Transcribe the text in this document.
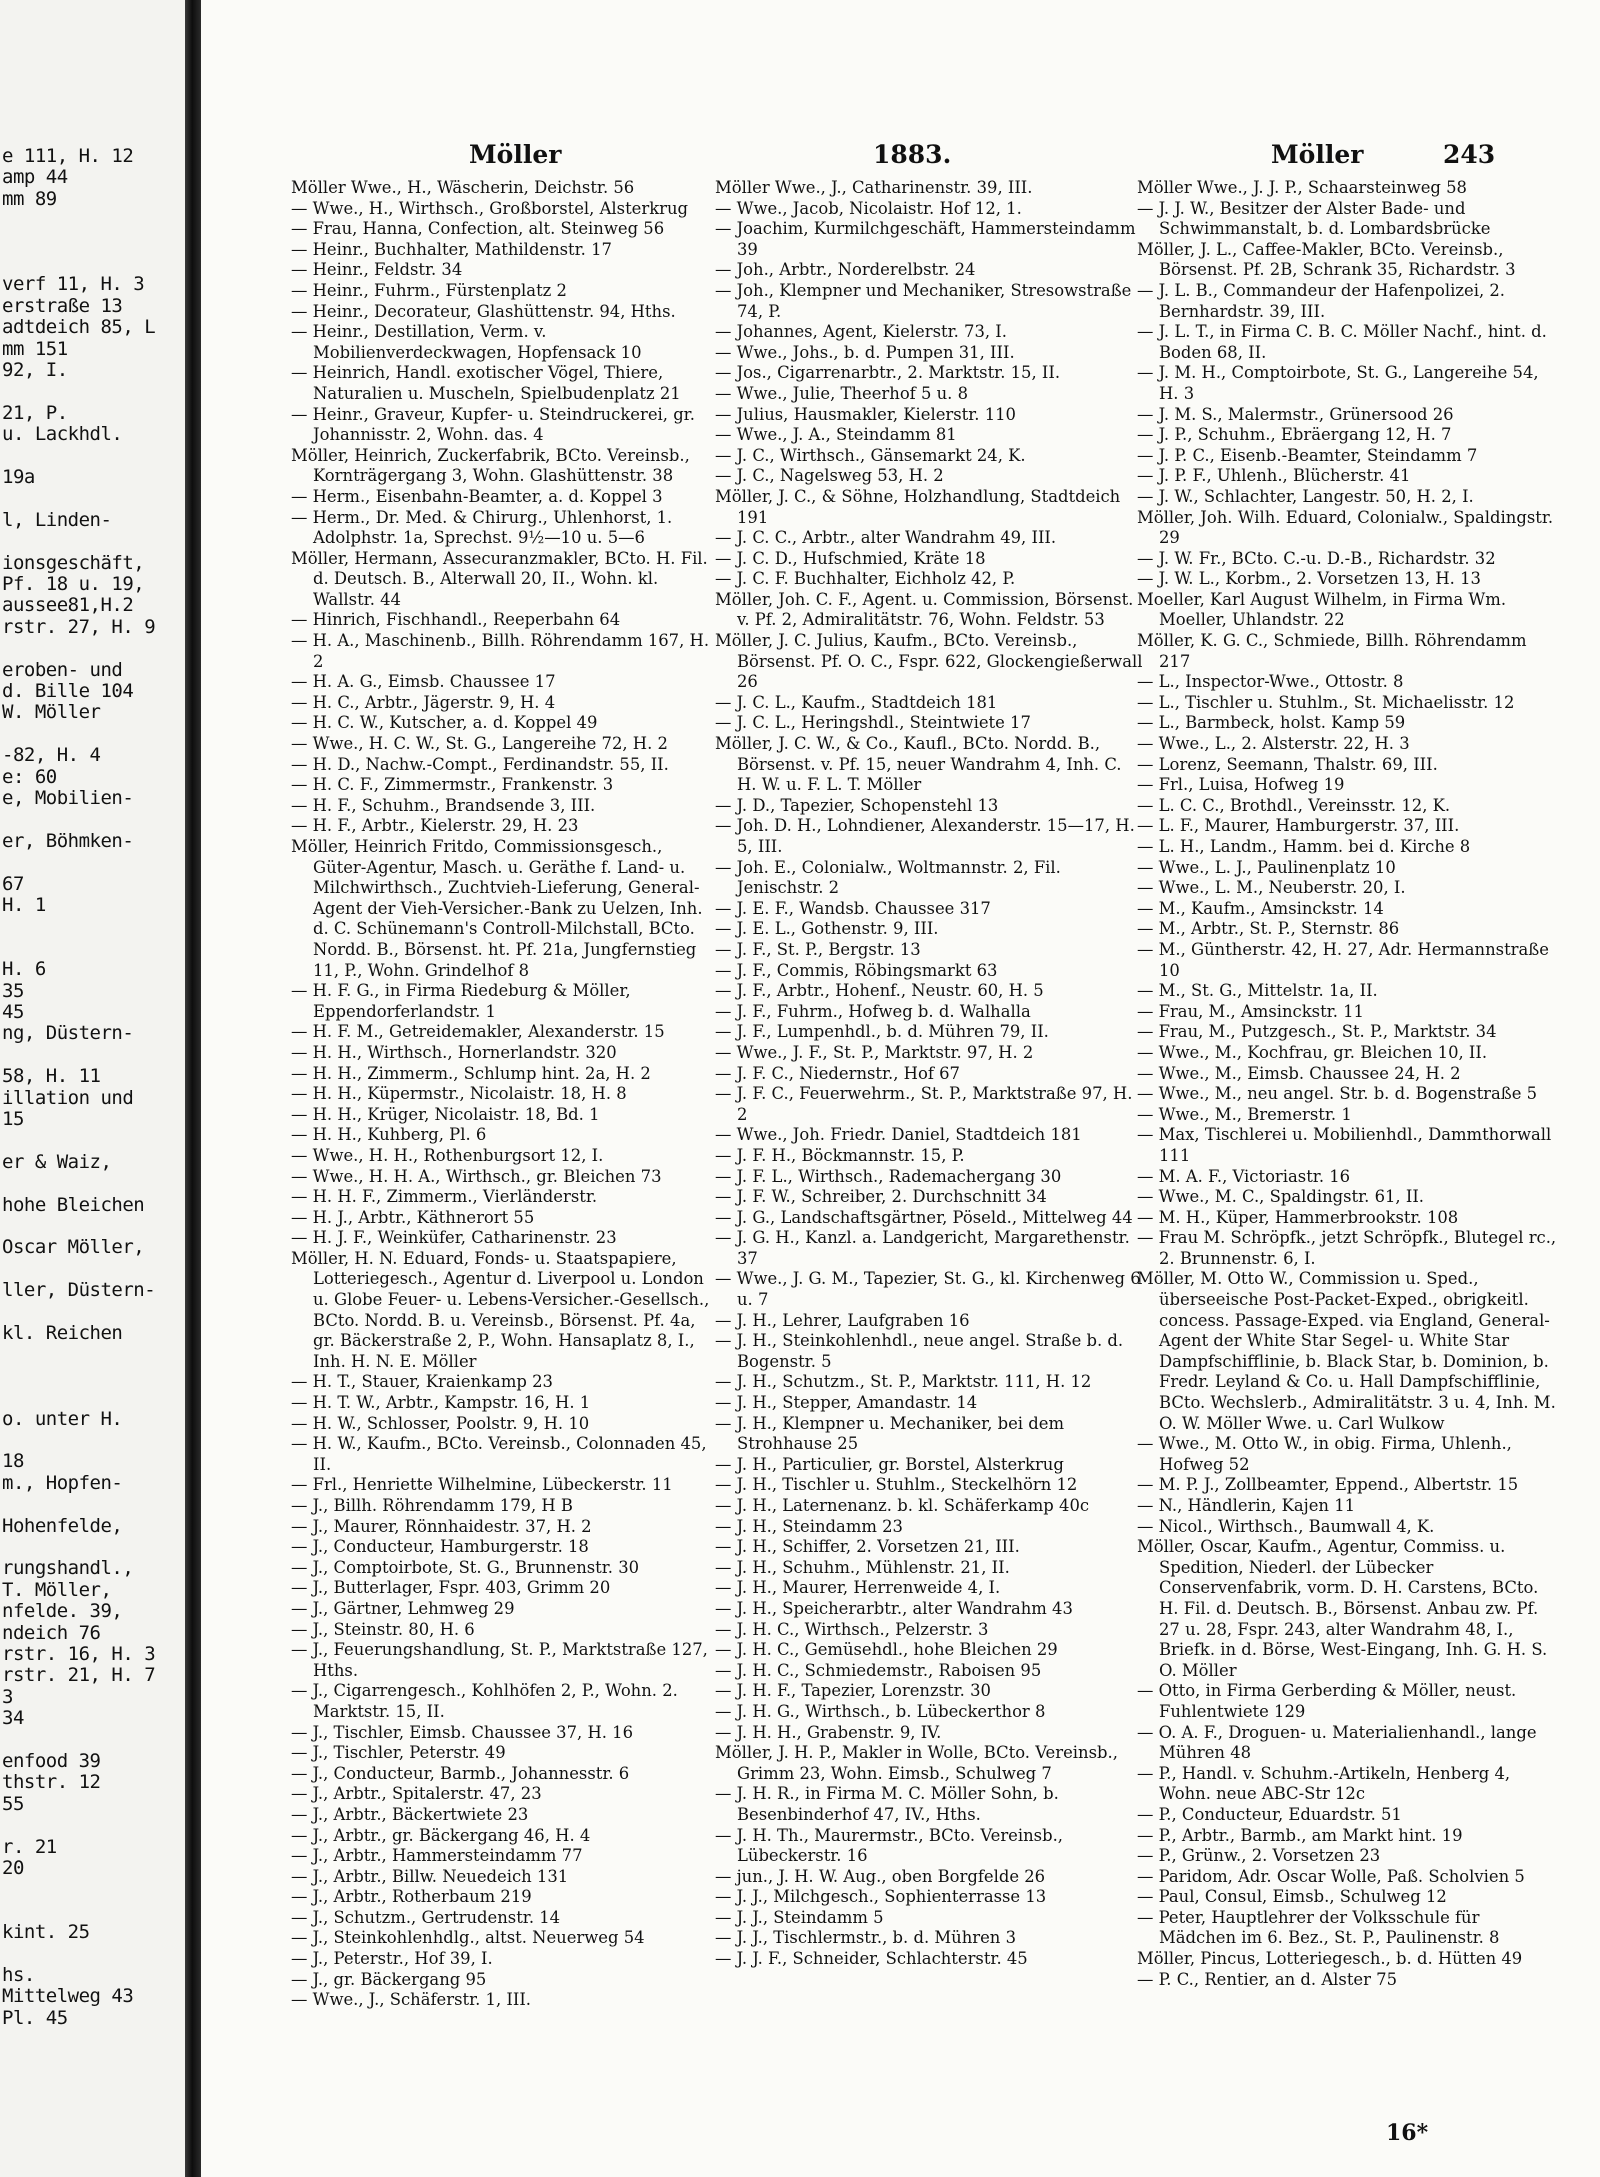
e 111, H. 12
amp 44
mm 89
verf 11, H. 3
erstraße 13
adtdeich 85, L
mm 151
92, I.
21, P.
u. Lackhdl.
19a
l, Linden-
ionsgeschäft,
Pf. 18 u. 19,
aussee81,H.2
rstr. 27, H. 9
eroben- und
d. Bille 104
W. Möller
-82, H. 4
e: 60
e, Mobilien-
er, Böhmken-
67
H. 1
H. 6
35
45
ng, Düstern-
58, H. 11
illation und
15
er & Waiz,
hohe Bleichen
Oscar Möller,
ller, Düstern-
kl. Reichen
o. unter H.
18
m., Hopfen-
Hohenfelde,
rungshandl.,
T. Möller,
nfelde. 39,
ndeich 76
rstr. 16, H. 3
rstr. 21, H. 7
3
34
enfood 39
thstr. 12
55
r. 21
20
kint. 25
hs.
Mittelweg 43
Pl. 45
Möller	1883.	Möller	243

Möller Wwe., H., Wäscherin, Deichstr. 56

— Wwe., H., Wirthsch., Großborstel, Alsterkrug

— Frau, Hanna, Confection, alt. Steinweg 56

— Heinr., Buchhalter, Mathildenstr. 17

— Heinr., Feldstr. 34

— Heinr., Fuhrm., Fürstenplatz 2

— Heinr., Decorateur, Glashüttenstr. 94, Hths.

— Heinr., Destillation, Verm. v. Mobilienverdeckwagen, Hopfensack 10

— Heinrich, Handl. exotischer Vögel, Thiere, Naturalien u. Muscheln, Spielbudenplatz 21

— Heinr., Graveur, Kupfer- u. Steindruckerei, gr. Johannisstr. 2, Wohn. das. 4

Möller, Heinrich, Zuckerfabrik, BCto. Vereinsb., Kornträgergang 3, Wohn. Glashüttenstr. 38

— Herm., Eisenbahn-Beamter, a. d. Koppel 3

— Herm., Dr. Med. & Chirurg., Uhlenhorst, 1. Adolphstr. 1a, Sprechst. 9½—10 u. 5—6

Möller, Hermann, Assecuranzmakler, BCto. H. Fil. d. Deutsch. B., Alterwall 20, II., Wohn. kl. Wallstr. 44

— Hinrich, Fischhandl., Reeperbahn 64

— H. A., Maschinenb., Billh. Röhrendamm 167, H. 2

— H. A. G., Eimsb. Chaussee 17

— H. C., Arbtr., Jägerstr. 9, H. 4

— H. C. W., Kutscher, a. d. Koppel 49

— Wwe., H. C. W., St. G., Langereihe 72, H. 2

— H. D., Nachw.-Compt., Ferdinandstr. 55, II.

— H. C. F., Zimmermstr., Frankenstr. 3

— H. F., Schuhm., Brandsende 3, III.

— H. F., Arbtr., Kielerstr. 29, H. 23

Möller, Heinrich Fritdo, Commissionsgesch., Güter-Agentur, Masch. u. Geräthe f. Land- u. Milchwirthsch., Zuchtvieh-Lieferung, General-Agent der Vieh-Versicher.-Bank zu Uelzen, Inh. d. C. Schünemann's Controll-Milchstall, BCto. Nordd. B., Börsenst. ht. Pf. 21a, Jungfernstieg 11, P., Wohn. Grindelhof 8

— H. F. G., in Firma Riedeburg & Möller, Eppendorferlandstr. 1

— H. F. M., Getreidemakler, Alexanderstr. 15

— H. H., Wirthsch., Hornerlandstr. 320

— H. H., Zimmerm., Schlump hint. 2a, H. 2

— H. H., Küpermstr., Nicolaistr. 18, H. 8

— H. H., Krüger, Nicolaistr. 18, Bd. 1

— H. H., Kuhberg, Pl. 6

— Wwe., H. H., Rothenburgsort 12, I.

— Wwe., H. H. A., Wirthsch., gr. Bleichen 73

— H. H. F., Zimmerm., Vierländerstr.

— H. J., Arbtr., Käthnerort 55

— H. J. F., Weinküfer, Catharinenstr. 23

Möller, H. N. Eduard, Fonds- u. Staatspapiere, Lotteriegesch., Agentur d. Liverpool u. London u. Globe Feuer- u. Lebens-Versicher.-Gesellsch., BCto. Nordd. B. u. Vereinsb., Börsenst. Pf. 4a, gr. Bäckerstraße 2, P., Wohn. Hansaplatz 8, I., Inh. H. N. E. Möller

— H. T., Stauer, Kraienkamp 23

— H. T. W., Arbtr., Kampstr. 16, H. 1

— H. W., Schlosser, Poolstr. 9, H. 10

— H. W., Kaufm., BCto. Vereinsb., Colonnaden 45, II.

— Frl., Henriette Wilhelmine, Lübeckerstr. 11

— J., Billh. Röhrendamm 179, H B

— J., Maurer, Rönnhaidestr. 37, H. 2

— J., Conducteur, Hamburgerstr. 18

— J., Comptoirbote, St. G., Brunnenstr. 30

— J., Butterlager, Fspr. 403, Grimm 20

— J., Gärtner, Lehmweg 29

— J., Steinstr. 80, H. 6

— J., Feuerungshandlung, St. P., Marktstraße 127, Hths.

— J., Cigarrengesch., Kohlhöfen 2, P., Wohn. 2. Marktstr. 15, II.

— J., Tischler, Eimsb. Chaussee 37, H. 16

— J., Tischler, Peterstr. 49

— J., Conducteur, Barmb., Johannesstr. 6

— J., Arbtr., Spitalerstr. 47, 23

— J., Arbtr., Bäckertwiete 23

— J., Arbtr., gr. Bäckergang 46, H. 4

— J., Arbtr., Hammersteindamm 77

— J., Arbtr., Billw. Neuedeich 131

— J., Arbtr., Rotherbaum 219

— J., Schutzm., Gertrudenstr. 14

— J., Steinkohlenhdlg., altst. Neuerweg 54

— J., Peterstr., Hof 39, I.

— J., gr. Bäckergang 95

— Wwe., J., Schäferstr. 1, III.

Möller Wwe., J., Catharinenstr. 39, III.

— Wwe., Jacob, Nicolaistr. Hof 12, 1.

— Joachim, Kurmilchgeschäft, Hammersteindamm 39

— Joh., Arbtr., Norderelbstr. 24

— Joh., Klempner und Mechaniker, Stresowstraße 74, P.

— Johannes, Agent, Kielerstr. 73, I.

— Wwe., Johs., b. d. Pumpen 31, III.

— Jos., Cigarrenarbtr., 2. Marktstr. 15, II.

— Wwe., Julie, Theerhof 5 u. 8

— Julius, Hausmakler, Kielerstr. 110

— Wwe., J. A., Steindamm 81

— J. C., Wirthsch., Gänsemarkt 24, K.

— J. C., Nagelsweg 53, H. 2

Möller, J. C., & Söhne, Holzhandlung, Stadtdeich 191

— J. C. C., Arbtr., alter Wandrahm 49, III.

— J. C. D., Hufschmied, Kräte 18

— J. C. F. Buchhalter, Eichholz 42, P.

Möller, Joh. C. F., Agent. u. Commission, Börsenst. v. Pf. 2, Admiralitätstr. 76, Wohn. Feldstr. 53

Möller, J. C. Julius, Kaufm., BCto. Vereinsb., Börsenst. Pf. O. C., Fspr. 622, Glockengießerwall 26

— J. C. L., Kaufm., Stadtdeich 181

— J. C. L., Heringshdl., Steintwiete 17

Möller, J. C. W., & Co., Kaufl., BCto. Nordd. B., Börsenst. v. Pf. 15, neuer Wandrahm 4, Inh. C. H. W. u. F. L. T. Möller

— J. D., Tapezier, Schopenstehl 13

— Joh. D. H., Lohndiener, Alexanderstr. 15—17, H. 5, III.

— Joh. E., Colonialw., Woltmannstr. 2, Fil. Jenischstr. 2

— J. E. F., Wandsb. Chaussee 317

— J. E. L., Gothenstr. 9, III.

— J. F., St. P., Bergstr. 13

— J. F., Commis, Röbingsmarkt 63

— J. F., Arbtr., Hohenf., Neustr. 60, H. 5

— J. F., Fuhrm., Hofweg b. d. Walhalla

— J. F., Lumpenhdl., b. d. Mühren 79, II.

— Wwe., J. F., St. P., Marktstr. 97, H. 2

— J. F. C., Niedernstr., Hof 67

— J. F. C., Feuerwehrm., St. P., Marktstraße 97, H. 2

— Wwe., Joh. Friedr. Daniel, Stadtdeich 181

— J. F. H., Böckmannstr. 15, P.

— J. F. L., Wirthsch., Rademachergang 30

— J. F. W., Schreiber, 2. Durchschnitt 34

— J. G., Landschaftsgärtner, Pöseld., Mittelweg 44

— J. G. H., Kanzl. a. Landgericht, Margarethenstr. 37

— Wwe., J. G. M., Tapezier, St. G., kl. Kirchenweg 6 u. 7

— J. H., Lehrer, Laufgraben 16

— J. H., Steinkohlenhdl., neue angel. Straße b. d. Bogenstr. 5

— J. H., Schutzm., St. P., Marktstr. 111, H. 12

— J. H., Stepper, Amandastr. 14

— J. H., Klempner u. Mechaniker, bei dem Strohhause 25

— J. H., Particulier, gr. Borstel, Alsterkrug

— J. H., Tischler u. Stuhlm., Steckelhörn 12

— J. H., Laternenanz. b. kl. Schäferkamp 40c

— J. H., Steindamm 23

— J. H., Schiffer, 2. Vorsetzen 21, III.

— J. H., Schuhm., Mühlenstr. 21, II.

— J. H., Maurer, Herrenweide 4, I.

— J. H., Speicherarbtr., alter Wandrahm 43

— J. H. C., Wirthsch., Pelzerstr. 3

— J. H. C., Gemüsehdl., hohe Bleichen 29

— J. H. C., Schmiedemstr., Raboisen 95

— J. H. F., Tapezier, Lorenzstr. 30

— J. H. G., Wirthsch., b. Lübeckerthor 8

— J. H. H., Grabenstr. 9, IV.

Möller, J. H. P., Makler in Wolle, BCto. Vereinsb., Grimm 23, Wohn. Eimsb., Schulweg 7

— J. H. R., in Firma M. C. Möller Sohn, b. Besenbinderhof 47, IV., Hths.

— J. H. Th., Maurermstr., BCto. Vereinsb., Lübeckerstr. 16

— jun., J. H. W. Aug., oben Borgfelde 26

— J. J., Milchgesch., Sophienterrasse 13

— J. J., Steindamm 5

— J. J., Tischlermstr., b. d. Mühren 3

— J. J. F., Schneider, Schlachterstr. 45

Möller Wwe., J. J. P., Schaarsteinweg 58

— J. J. W., Besitzer der Alster Bade- und Schwimmanstalt, b. d. Lombardsbrücke

Möller, J. L., Caffee-Makler, BCto. Vereinsb., Börsenst. Pf. 2B, Schrank 35, Richardstr. 3

— J. L. B., Commandeur der Hafenpolizei, 2. Bernhardstr. 39, III.

— J. L. T., in Firma C. B. C. Möller Nachf., hint. d. Boden 68, II.

— J. M. H., Comptoirbote, St. G., Langereihe 54, H. 3

— J. M. S., Malermstr., Grünersood 26

— J. P., Schuhm., Ebräergang 12, H. 7

— J. P. C., Eisenb.-Beamter, Steindamm 7

— J. P. F., Uhlenh., Blücherstr. 41

— J. W., Schlachter, Langestr. 50, H. 2, I.

Möller, Joh. Wilh. Eduard, Colonialw., Spaldingstr. 29

— J. W. Fr., BCto. C.-u. D.-B., Richardstr. 32

— J. W. L., Korbm., 2. Vorsetzen 13, H. 13

Moeller, Karl August Wilhelm, in Firma Wm. Moeller, Uhlandstr. 22

Möller, K. G. C., Schmiede, Billh. Röhrendamm 217

— L., Inspector-Wwe., Ottostr. 8

— L., Tischler u. Stuhlm., St. Michaelisstr. 12

— L., Barmbeck, holst. Kamp 59

— Wwe., L., 2. Alsterstr. 22, H. 3

— Lorenz, Seemann, Thalstr. 69, III.

— Frl., Luisa, Hofweg 19

— L. C. C., Brothdl., Vereinsstr. 12, K.

— L. F., Maurer, Hamburgerstr. 37, III.

— L. H., Landm., Hamm. bei d. Kirche 8

— Wwe., L. J., Paulinenplatz 10

— Wwe., L. M., Neuberstr. 20, I.

— M., Kaufm., Amsinckstr. 14

— M., Arbtr., St. P., Sternstr. 86

— M., Güntherstr. 42, H. 27, Adr. Hermannstraße 10

— M., St. G., Mittelstr. 1a, II.

— Frau, M., Amsinckstr. 11

— Frau, M., Putzgesch., St. P., Marktstr. 34

— Wwe., M., Kochfrau, gr. Bleichen 10, II.

— Wwe., M., Eimsb. Chaussee 24, H. 2

— Wwe., M., neu angel. Str. b. d. Bogenstraße 5

— Wwe., M., Bremerstr. 1

— Max, Tischlerei u. Mobilienhdl., Dammthorwall 111

— M. A. F., Victoriastr. 16

— Wwe., M. C., Spaldingstr. 61, II.

— M. H., Küper, Hammerbrookstr. 108

— Frau M. Schröpfk., jetzt Schröpfk., Blutegel rc., 2. Brunnenstr. 6, I.

Möller, M. Otto W., Commission u. Sped., überseeische Post-Packet-Exped., obrigkeitl. concess. Passage-Exped. via England, General-Agent der White Star Segel- u. White Star Dampfschifflinie, b. Black Star, b. Dominion, b. Fredr. Leyland & Co. u. Hall Dampfschifflinie, BCto. Wechslerb., Admiralitätstr. 3 u. 4, Inh. M. O. W. Möller Wwe. u. Carl Wulkow

— Wwe., M. Otto W., in obig. Firma, Uhlenh., Hofweg 52

— M. P. J., Zollbeamter, Eppend., Albertstr. 15

— N., Händlerin, Kajen 11

— Nicol., Wirthsch., Baumwall 4, K.

Möller, Oscar, Kaufm., Agentur, Commiss. u. Spedition, Niederl. der Lübecker Conservenfabrik, vorm. D. H. Carstens, BCto. H. Fil. d. Deutsch. B., Börsenst. Anbau zw. Pf. 27 u. 28, Fspr. 243, alter Wandrahm 48, I., Briefk. in d. Börse, West-Eingang, Inh. G. H. S. O. Möller

— Otto, in Firma Gerberding & Möller, neust. Fuhlentwiete 129

— O. A. F., Droguen- u. Materialienhandl., lange Mühren 48

— P., Handl. v. Schuhm.-Artikeln, Henberg 4, Wohn. neue ABC-Str 12c

— P., Conducteur, Eduardstr. 51

— P., Arbtr., Barmb., am Markt hint. 19

— P., Grünw., 2. Vorsetzen 23

— Paridom, Adr. Oscar Wolle, Paß. Scholvien 5

— Paul, Consul, Eimsb., Schulweg 12

— Peter, Hauptlehrer der Volksschule für Mädchen im 6. Bez., St. P., Paulinenstr. 8

Möller, Pincus, Lotteriegesch., b. d. Hütten 49

— P. C., Rentier, an d. Alster 75

16*
